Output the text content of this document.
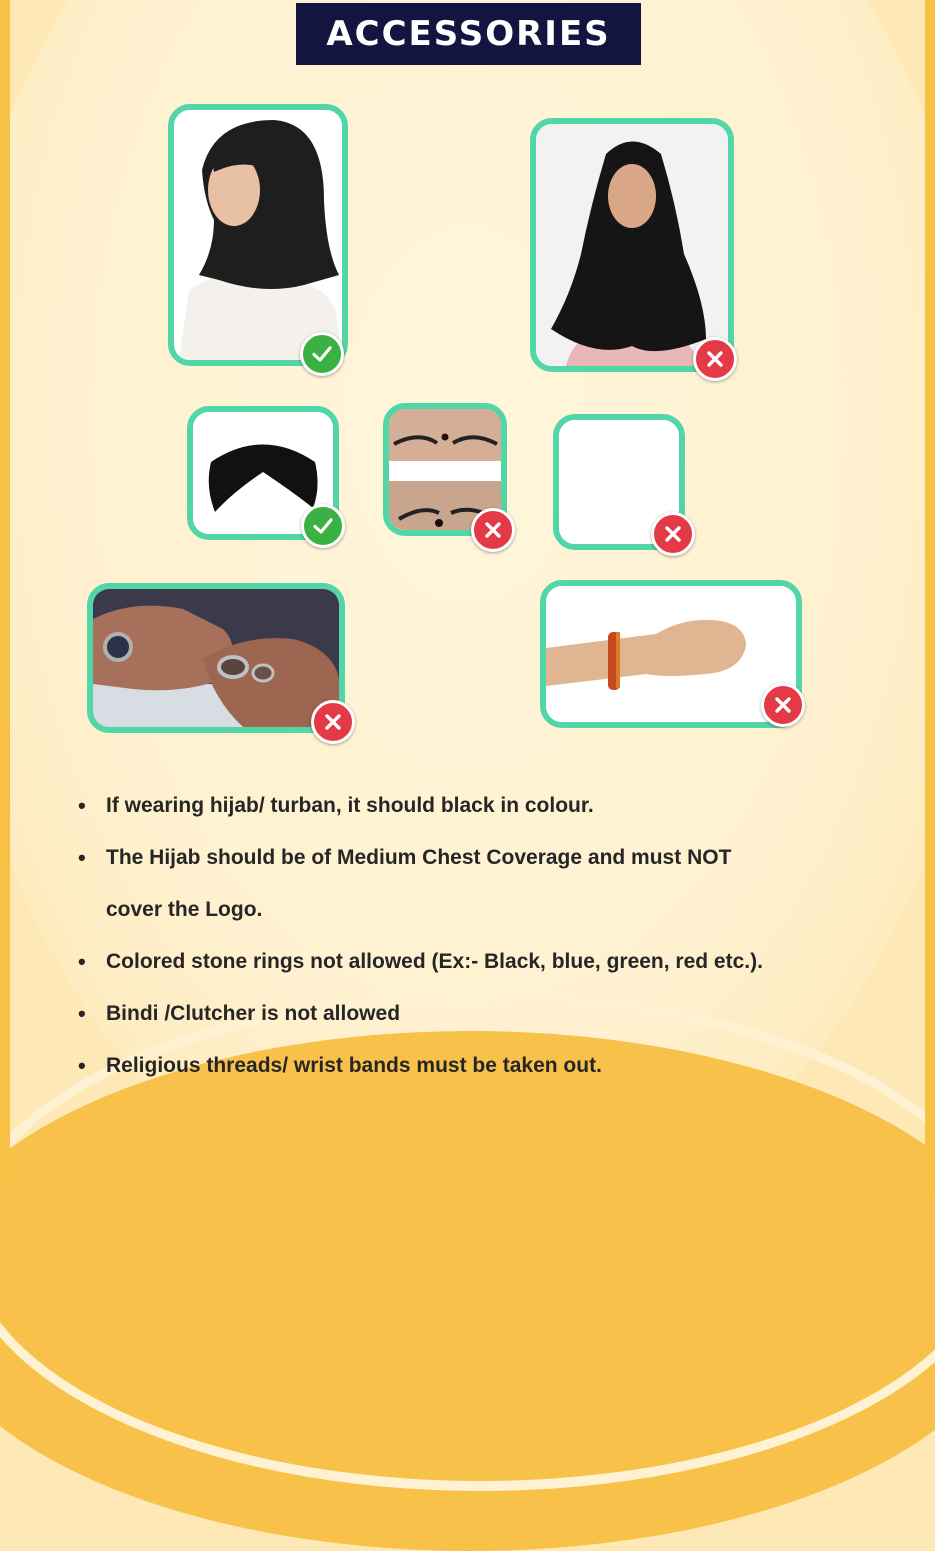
ACCESSORIES
• If wearing hijab/ turban, it should black in colour.
• The Hijab should be of Medium Chest Coverage and must NOT
cover the Logo.
• Colored stone rings not allowed (Ex:- Black, blue, green, red etc.).
• Bindi /Clutcher is not allowed
• Religious threads/ wrist bands must be taken out.
